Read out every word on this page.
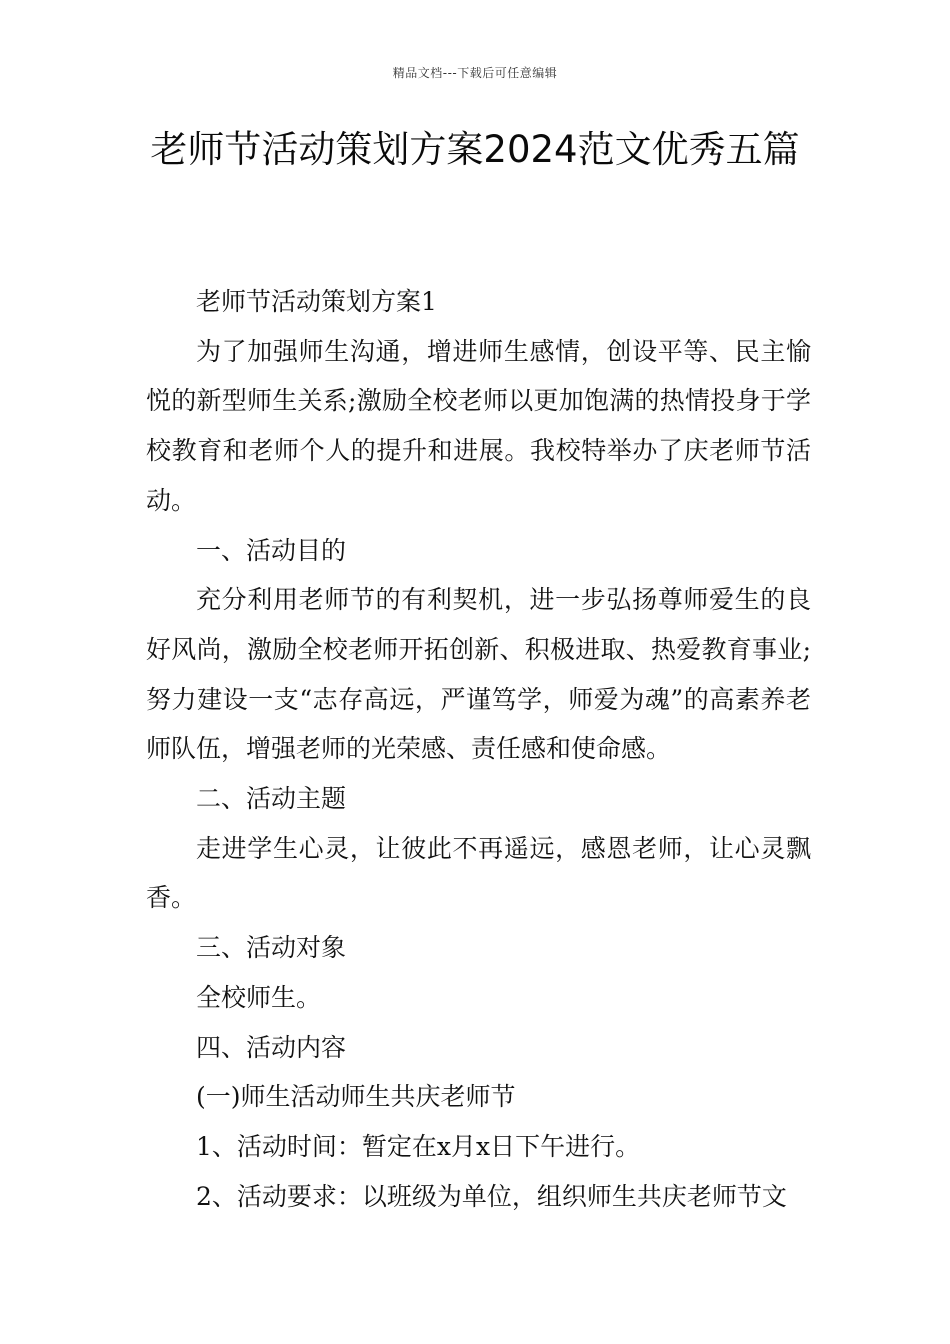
精品文档---下载后可任意编辑
老师节活动策划方案2024范文优秀五篇

老师节活动策划方案1

为了加强师生沟通，增进师生感情，创设平等、民主愉悦的新型师生关系;激励全校老师以更加饱满的热情投身于学校教育和老师个人的提升和进展。我校特举办了庆老师节活动。

一、活动目的

充分利用老师节的有利契机，进一步弘扬尊师爱生的良好风尚，激励全校老师开拓创新、积极进取、热爱教育事业;努力建设一支“志存高远，严谨笃学，师爱为魂”的高素养老师队伍，增强老师的光荣感、责任感和使命感。

二、活动主题

走进学生心灵，让彼此不再遥远，感恩老师，让心灵飘香。

三、活动对象

全校师生。

四、活动内容

(一)师生活动师生共庆老师节

1、活动时间：暂定在x月x日下午进行。

2、活动要求：以班级为单位，组织师生共庆老师节文
